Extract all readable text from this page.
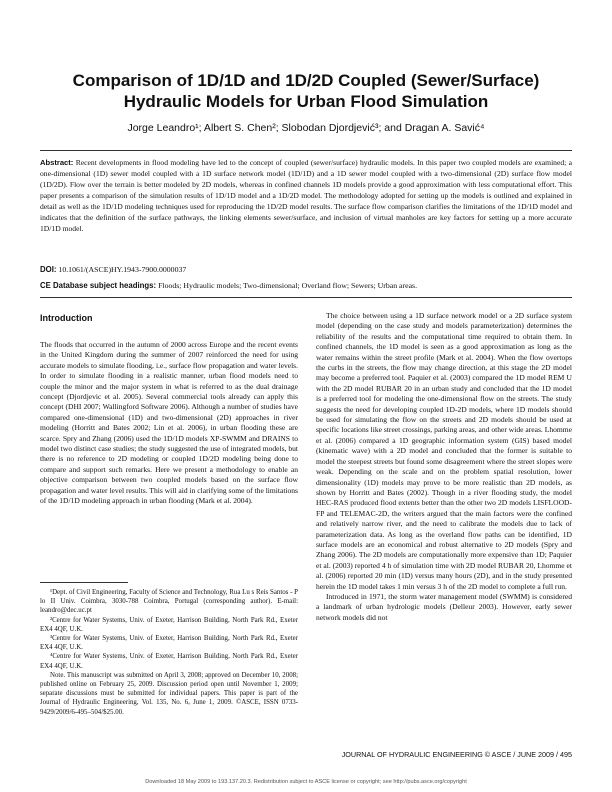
Comparison of 1D/1D and 1D/2D Coupled (Sewer/Surface) Hydraulic Models for Urban Flood Simulation
Jorge Leandro¹; Albert S. Chen²; Slobodan Djordjević³; and Dragan A. Savić⁴
Abstract: Recent developments in flood modeling have led to the concept of coupled (sewer/surface) hydraulic models. In this paper two coupled models are examined; a one-dimensional (1D) sewer model coupled with a 1D surface network model (1D/1D) and a 1D sewer model coupled with a two-dimensional (2D) surface flow model (1D/2D). Flow over the terrain is better modeled by 2D models, whereas in confined channels 1D models provide a good approximation with less computational effort. This paper presents a comparison of the simulation results of 1D/1D model and a 1D/2D model. The methodology adopted for setting up the models is outlined and explained in detail as well as the 1D/1D modeling techniques used for reproducing the 1D/2D model results. The surface flow comparison clarifies the limitations of the 1D/1D model and indicates that the definition of the surface pathways, the linking elements sewer/surface, and inclusion of virtual manholes are key factors for setting up a more accurate 1D/1D model.
DOI: 10.1061/(ASCE)HY.1943-7900.0000037
CE Database subject headings: Floods; Hydraulic models; Two-dimensional; Overland flow; Sewers; Urban areas.
Introduction

The floods that occurred in the autumn of 2000 across Europe and the recent events in the United Kingdom during the summer of 2007 reinforced the need for using accurate models to simulate flooding, i.e., surface flow propagation and water levels. In order to simulate flooding in a realistic manner, urban flood models need to couple the minor and the major system in what is referred to as the dual drainage concept (Djordjevic et al. 2005). Several commercial tools already can apply this concept (DHI 2007; Wallingford Software 2006). Although a number of studies have compared one-dimensional (1D) and two-dimensional (2D) approaches in river modeling (Horritt and Bates 2002; Lin et al. 2006), in urban flooding these are scarce. Spry and Zhang (2006) used the 1D/1D models XP-SWMM and DRAINS to model two distinct case studies; the study suggested the use of integrated models, but there is no reference to 2D modeling or coupled 1D/2D modeling being done to compare and support such remarks. Here we present a methodology to enable an objective comparison between two coupled models based on the surface flow propagation and water level results. This will aid in clarifying some of the limitations of the 1D/1D modeling approach in urban flooding (Mark et al. 2004).

¹Dept. of Civil Engineering, Faculty of Science and Technology, Rua Lu s Reis Santos - P lo II Univ. Coimbra, 3030-788 Coimbra, Portugal (corresponding author). E-mail: leandro@dec.uc.pt

²Centre for Water Systems, Univ. of Exeter, Harrison Building, North Park Rd., Exeter EX4 4QF, U.K.

³Centre for Water Systems, Univ. of Exeter, Harrison Building, North Park Rd., Exeter EX4 4QF, U.K.

⁴Centre for Water Systems, Univ. of Exeter, Harrison Building, North Park Rd., Exeter EX4 4QF, U.K.

Note. This manuscript was submitted on April 3, 2008; approved on December 10, 2008; published online on February 25, 2009. Discussion period open until November 1, 2009; separate discussions must be submitted for individual papers. This paper is part of the Journal of Hydraulic Engineering, Vol. 135, No. 6, June 1, 2009. ©ASCE, ISSN 0733-9429/2009/6-495–504/$25.00.

The choice between using a 1D surface network model or a 2D surface system model (depending on the case study and models parameterization) determines the reliability of the results and the computational time required to obtain them. In confined channels, the 1D model is seen as a good approximation as long as the water remains within the street profile (Mark et al. 2004). When the flow overtops the curbs in the streets, the flow may change direction, at this stage the 2D model may become a preferred tool. Paquier et al. (2003) compared the 1D model REM U with the 2D model RUBAR 20 in an urban study and concluded that the 1D model is a preferred tool for modeling the one-dimensional flow on the streets. The study suggests the need for developing coupled 1D-2D models, where 1D models should be used for simulating the flow on the streets and 2D models should be used at specific locations like street crossings, parking areas, and other wide areas. Lhomme et al. (2006) compared a 1D geographic information system (GIS) based model (kinematic wave) with a 2D model and concluded that the former is suitable to model the steepest streets but found some disagreement where the street slopes were weak. Depending on the scale and on the problem spatial resolution, lower dimensionality (1D) models may prove to be more realistic than 2D models, as shown by Horritt and Bates (2002). Though in a river flooding study, the model HEC-RAS produced flood extents better than the other two 2D models LISFLOOD-FP and TELEMAC-2D, the writers argued that the main factors were the confined and relatively narrow river, and the need to calibrate the models due to lack of parameterization data. As long as the overland flow paths can be identified, 1D surface models are an economical and robust alternative to 2D models (Spry and Zhang 2006). The 2D models are computationally more expensive than 1D; Paquier et al. (2003) reported 4 h of simulation time with 2D model RUBAR 20, Lhomme et al. (2006) reported 20 min (1D) versus many hours (2D), and in the study presented herein the 1D model takes 1 min versus 3 h of the 2D model to complete a full run.

Introduced in 1971, the storm water management model (SWMM) is considered a landmark of urban hydrologic models (Delleur 2003). However, early sewer network models did not

JOURNAL OF HYDRAULIC ENGINEERING © ASCE / JUNE 2009 / 495
Downloaded 18 May 2009 to 193.137.20.3. Redistribution subject to ASCE license or copyright; see http://pubs.asce.org/copyright
